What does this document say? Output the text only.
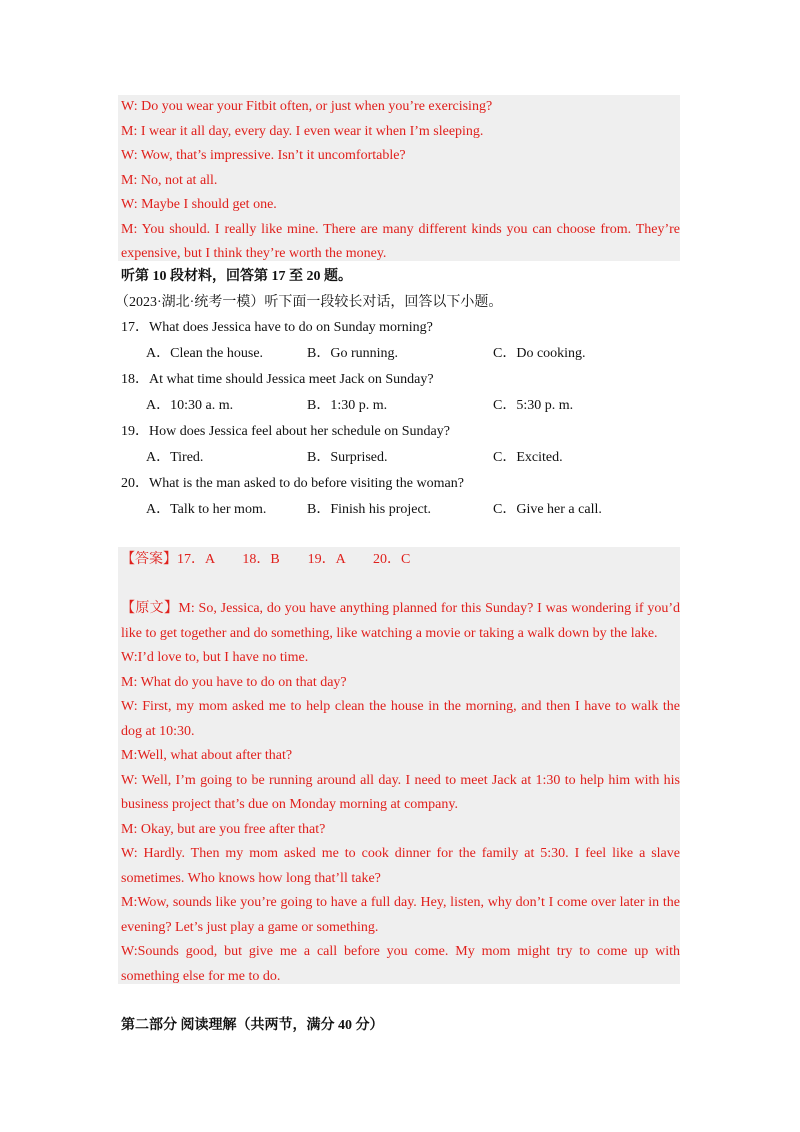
W: Do you wear your Fitbit often, or just when you’re exercising?
M: I wear it all day, every day. I even wear it when I’m sleeping.
W: Wow, that’s impressive. Isn’t it uncomfortable?
M: No, not at all.
W: Maybe I should get one.
M: You should. I really like mine. There are many different kinds you can choose from. They’re expensive, but I think they’re worth the money.
听第 10 段材料，回答第 17 至 20 题。
（2023·湖北·统考一模）听下面一段较长对话，回答以下小题。
17．What does Jessica have to do on Sunday morning?
A．Clean the house.	B．Go running.	C．Do cooking.
18．At what time should Jessica meet Jack on Sunday?
A．10:30 a. m.	B．1:30 p. m.	C．5:30 p. m.
19．How does Jessica feel about her schedule on Sunday?
A．Tired.	B．Surprised.	C．Excited.
20．What is the man asked to do before visiting the woman?
A．Talk to her mom.	B．Finish his project.	C．Give her a call.
【答案】17．A　　18．B　　19．A　　20．C
【原文】M: So, Jessica, do you have anything planned for this Sunday? I was wondering if you’d like to get together and do something, like watching a movie or taking a walk down by the lake.
W:I’d love to, but I have no time.
M: What do you have to do on that day?
W: First, my mom asked me to help clean the house in the morning, and then I have to walk the dog at 10:30.
M:Well, what about after that?
W: Well, I’m going to be running around all day. I need to meet Jack at 1:30 to help him with his business project that’s due on Monday morning at company.
M: Okay, but are you free after that?
W: Hardly. Then my mom asked me to cook dinner for the family at 5:30. I feel like a slave sometimes. Who knows how long that’ll take?
M:Wow, sounds like you’re going to have a full day. Hey, listen, why don’t I come over later in the evening? Let’s just play a game or something.
W:Sounds good, but give me a call before you come. My mom might try to come up with something else for me to do.
第二部分 阅读理解（共两节，满分 40 分）
